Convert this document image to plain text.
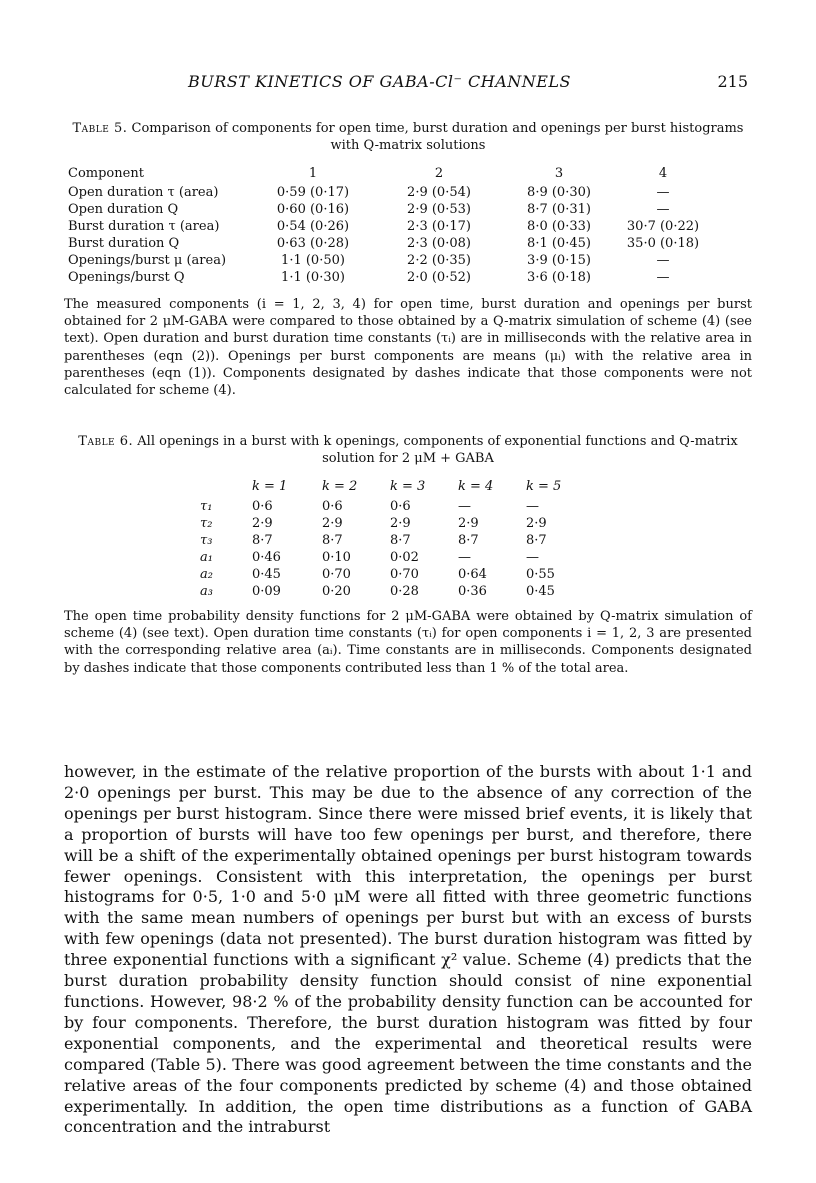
BURST KINETICS OF GABA-Cl⁻ CHANNELS	215
Table 5. Comparison of components for open time, burst duration and openings per burst histograms with Q-matrix solutions
Component	1	2	3	4
Open duration τ (area)	0·59 (0·17)	2·9 (0·54)	8·9 (0·30)	—
Open duration Q	0·60 (0·16)	2·9 (0·53)	8·7 (0·31)	—
Burst duration τ (area)	0·54 (0·26)	2·3 (0·17)	8·0 (0·33)	30·7 (0·22)
Burst duration Q	0·63 (0·28)	2·3 (0·08)	8·1 (0·45)	35·0 (0·18)
Openings/burst μ (area)	1·1 (0·50)	2·2 (0·35)	3·9 (0·15)	—
Openings/burst Q	1·1 (0·30)	2·0 (0·52)	3·6 (0·18)	—
The measured components (i = 1, 2, 3, 4) for open time, burst duration and openings per burst obtained for 2 μM-GABA were compared to those obtained by a Q-matrix simulation of scheme (4) (see text). Open duration and burst duration time constants (τᵢ) are in milliseconds with the relative area in parentheses (eqn (2)). Openings per burst components are means (μᵢ) with the relative area in parentheses (eqn (1)). Components designated by dashes indicate that those components were not calculated for scheme (4).
Table 6. All openings in a burst with k openings, components of exponential functions and Q-matrix solution for 2 μM + GABA
	k = 1	k = 2	k = 3	k = 4	k = 5
τ₁	0·6	0·6	0·6	—	—
τ₂	2·9	2·9	2·9	2·9	2·9
τ₃	8·7	8·7	8·7	8·7	8·7
a₁	0·46	0·10	0·02	—	—
a₂	0·45	0·70	0·70	0·64	0·55
a₃	0·09	0·20	0·28	0·36	0·45
The open time probability density functions for 2 μM-GABA were obtained by Q-matrix simulation of scheme (4) (see text). Open duration time constants (τᵢ) for open components i = 1, 2, 3 are presented with the corresponding relative area (aᵢ). Time constants are in milliseconds. Components designated by dashes indicate that those components contributed less than 1 % of the total area.

however, in the estimate of the relative proportion of the bursts with about 1·1 and 2·0 openings per burst. This may be due to the absence of any correction of the openings per burst histogram. Since there were missed brief events, it is likely that a proportion of bursts will have too few openings per burst, and therefore, there will be a shift of the experimentally obtained openings per burst histogram towards fewer openings. Consistent with this interpretation, the openings per burst histograms for 0·5, 1·0 and 5·0 μM were all fitted with three geometric functions with the same mean numbers of openings per burst but with an excess of bursts with few openings (data not presented). The burst duration histogram was fitted by three exponential functions with a significant χ² value. Scheme (4) predicts that the burst duration probability density function should consist of nine exponential functions. However, 98·2 % of the probability density function can be accounted for by four components. Therefore, the burst duration histogram was fitted by four exponential components, and the experimental and theoretical results were compared (Table 5). There was good agreement between the time constants and the relative areas of the four components predicted by scheme (4) and those obtained experimentally. In addition, the open time distributions as a function of GABA concentration and the intraburst
